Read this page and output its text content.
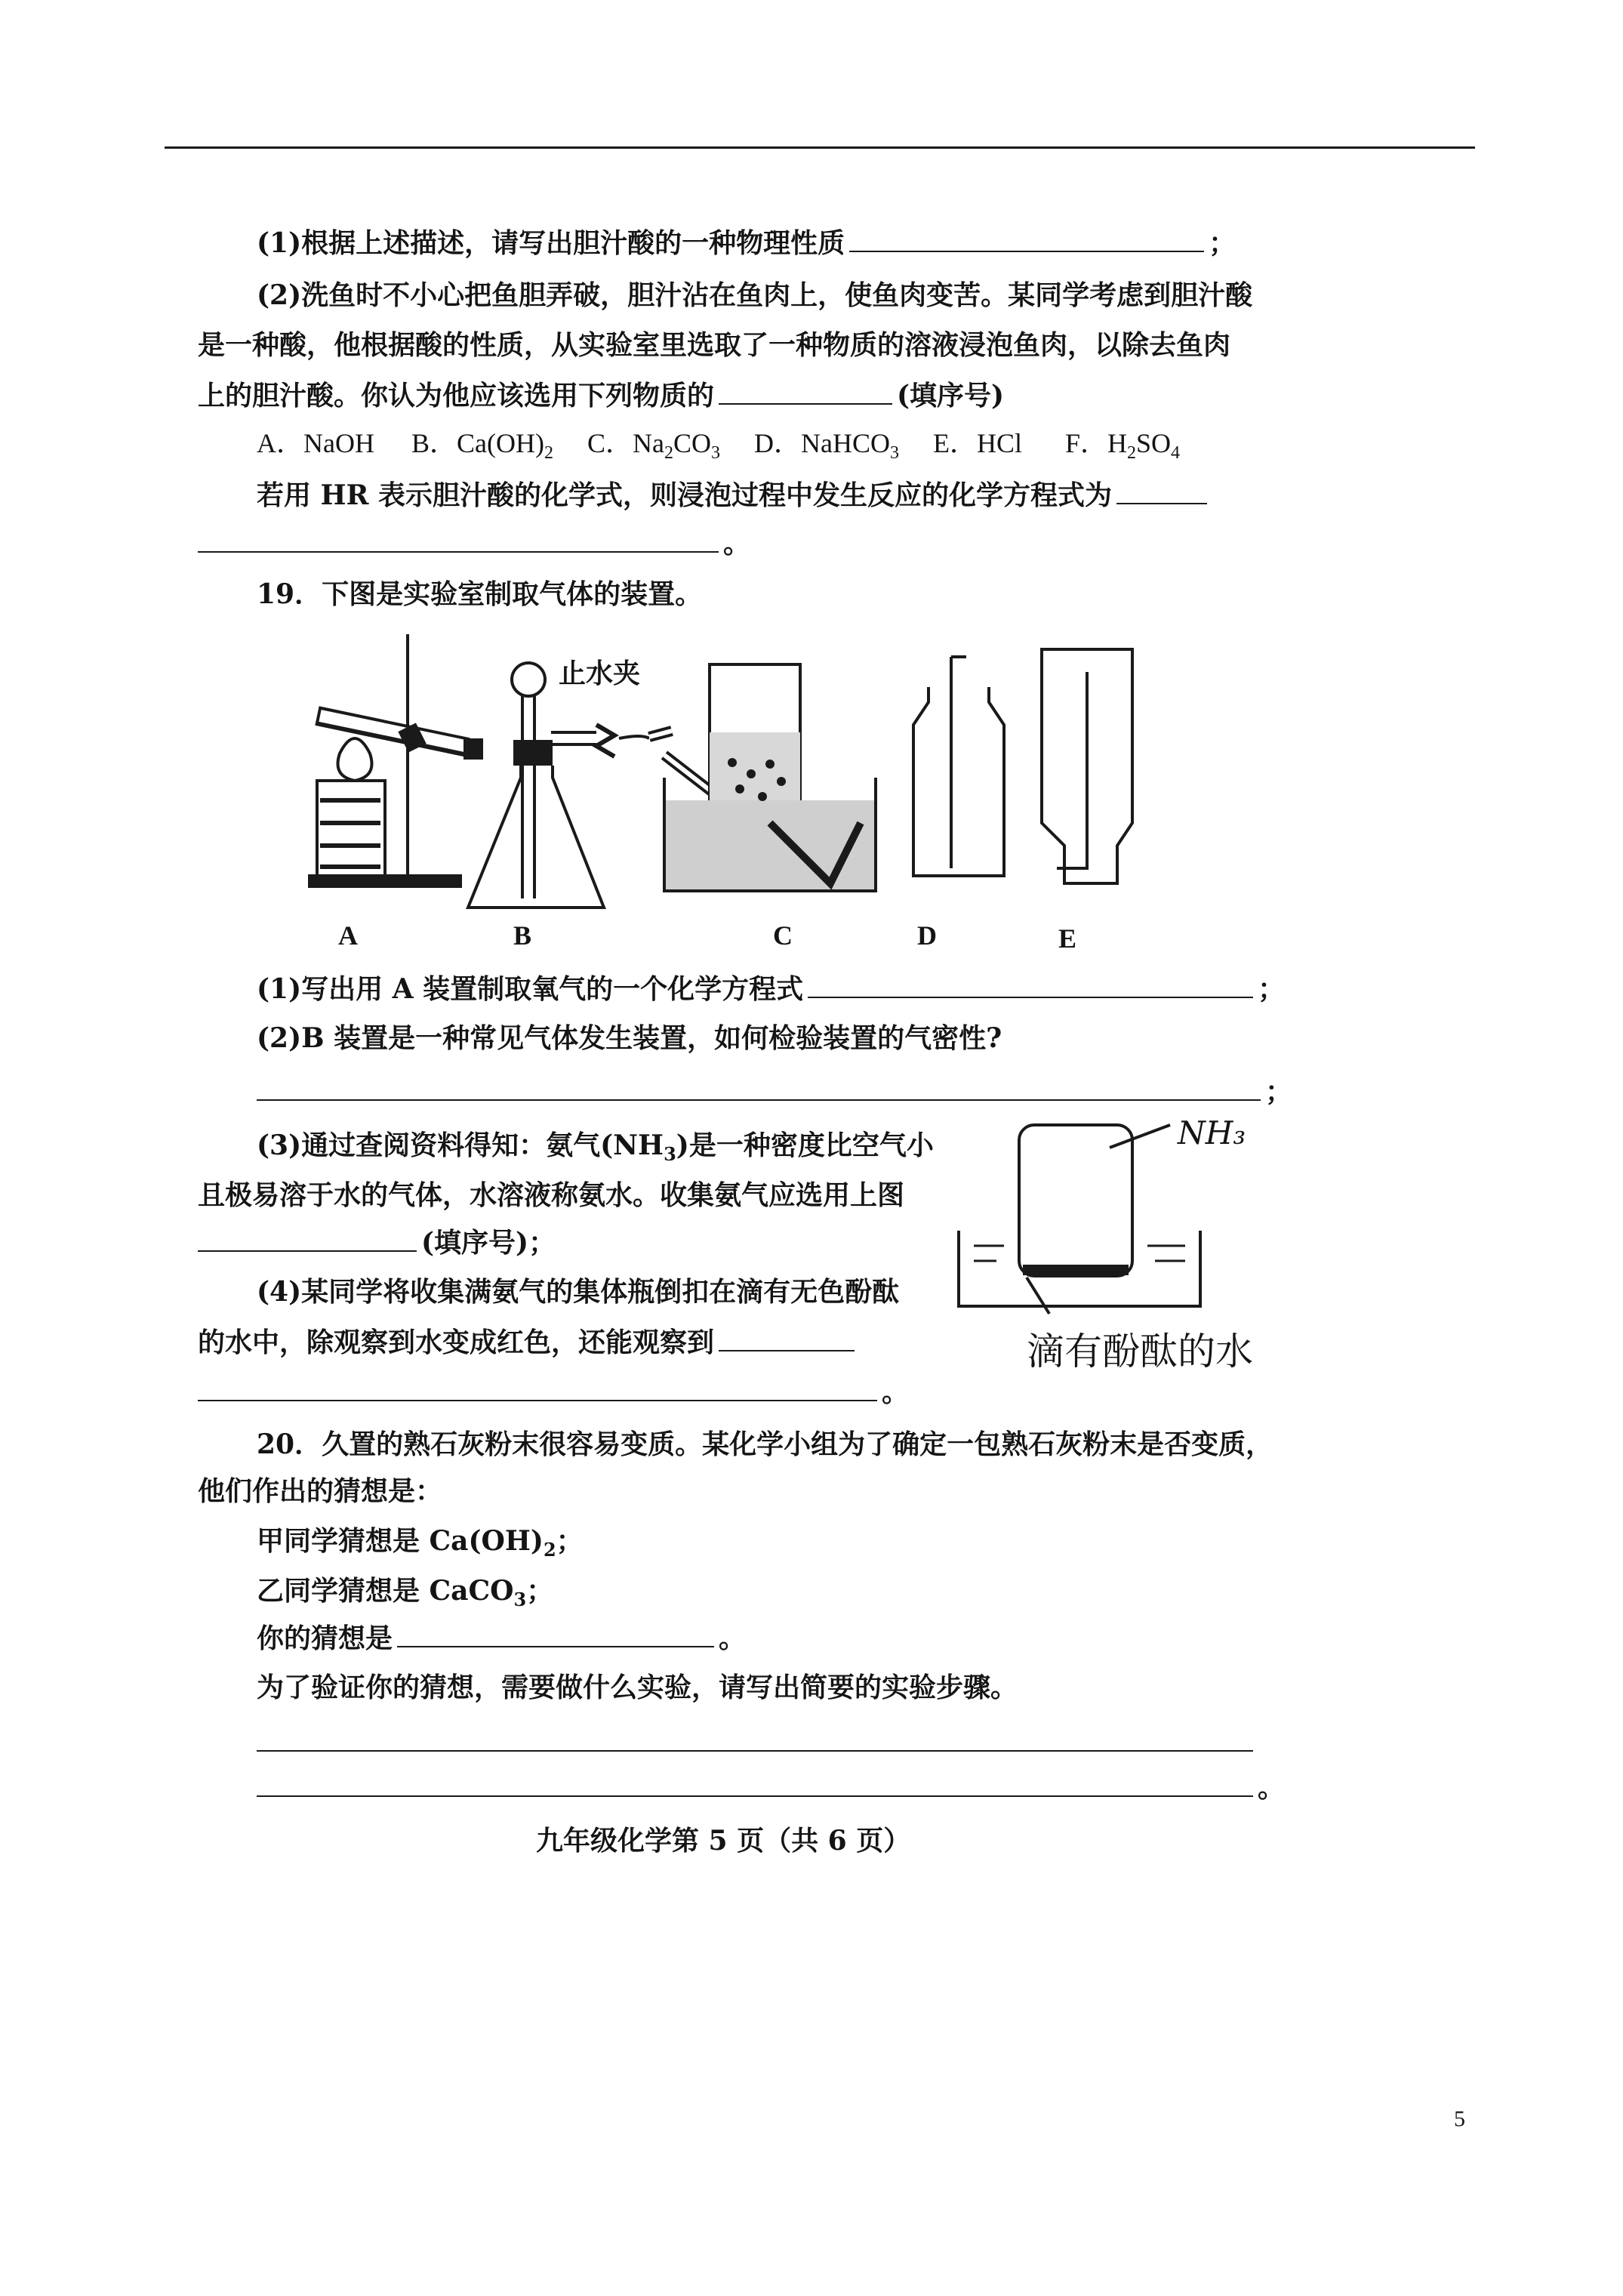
(1)根据上述描述，请写出胆汁酸的一种物理性质	；
(2)洗鱼时不小心把鱼胆弄破，胆汁沾在鱼肉上，使鱼肉变苦。某同学考虑到胆汁酸
是一种酸，他根据酸的性质，从实验室里选取了一种物质的溶液浸泡鱼肉，以除去鱼肉
上的胆汁酸。你认为他应该选用下列物质的	(填序号)
A．NaOH B．$Ca(OH)_2$ C．$Na_2CO_3$ D．NaHCO$_3$ E．HCl F．$H_2SO_4$
若用 HR 表示胆汁酸的化学式，则浸泡过程中发生反应的化学方程式为
。
19．下图是实验室制取气体的装置。
止水夹
A	B	C	D	E
(1)写出用 A 装置制取氧气的一个化学方程式	；
(2)B 装置是一种常见气体发生装置，如何检验装置的气密性?
；
(3)通过查阅资料得知：氨气$(NH_3)$是一种密度比空气小
且极易溶于水的气体，水溶液称氨水。收集氨气应选用上图
(填序号)；
(4)某同学将收集满氨气的集体瓶倒扣在滴有无色酚酞
的水中，除观察到水变成红色，还能观察到
。
NH₃
滴有酚酞的水
20．久置的熟石灰粉末很容易变质。某化学小组为了确定一包熟石灰粉末是否变质，
他们作出的猜想是：
甲同学猜想是 $Ca(OH)_2$；
乙同学猜想是 CaCO$_3$；
你的猜想是	。
为了验证你的猜想，需要做什么实验，请写出简要的实验步骤。
。
九年级化学第 5 页（共 6 页）
5
